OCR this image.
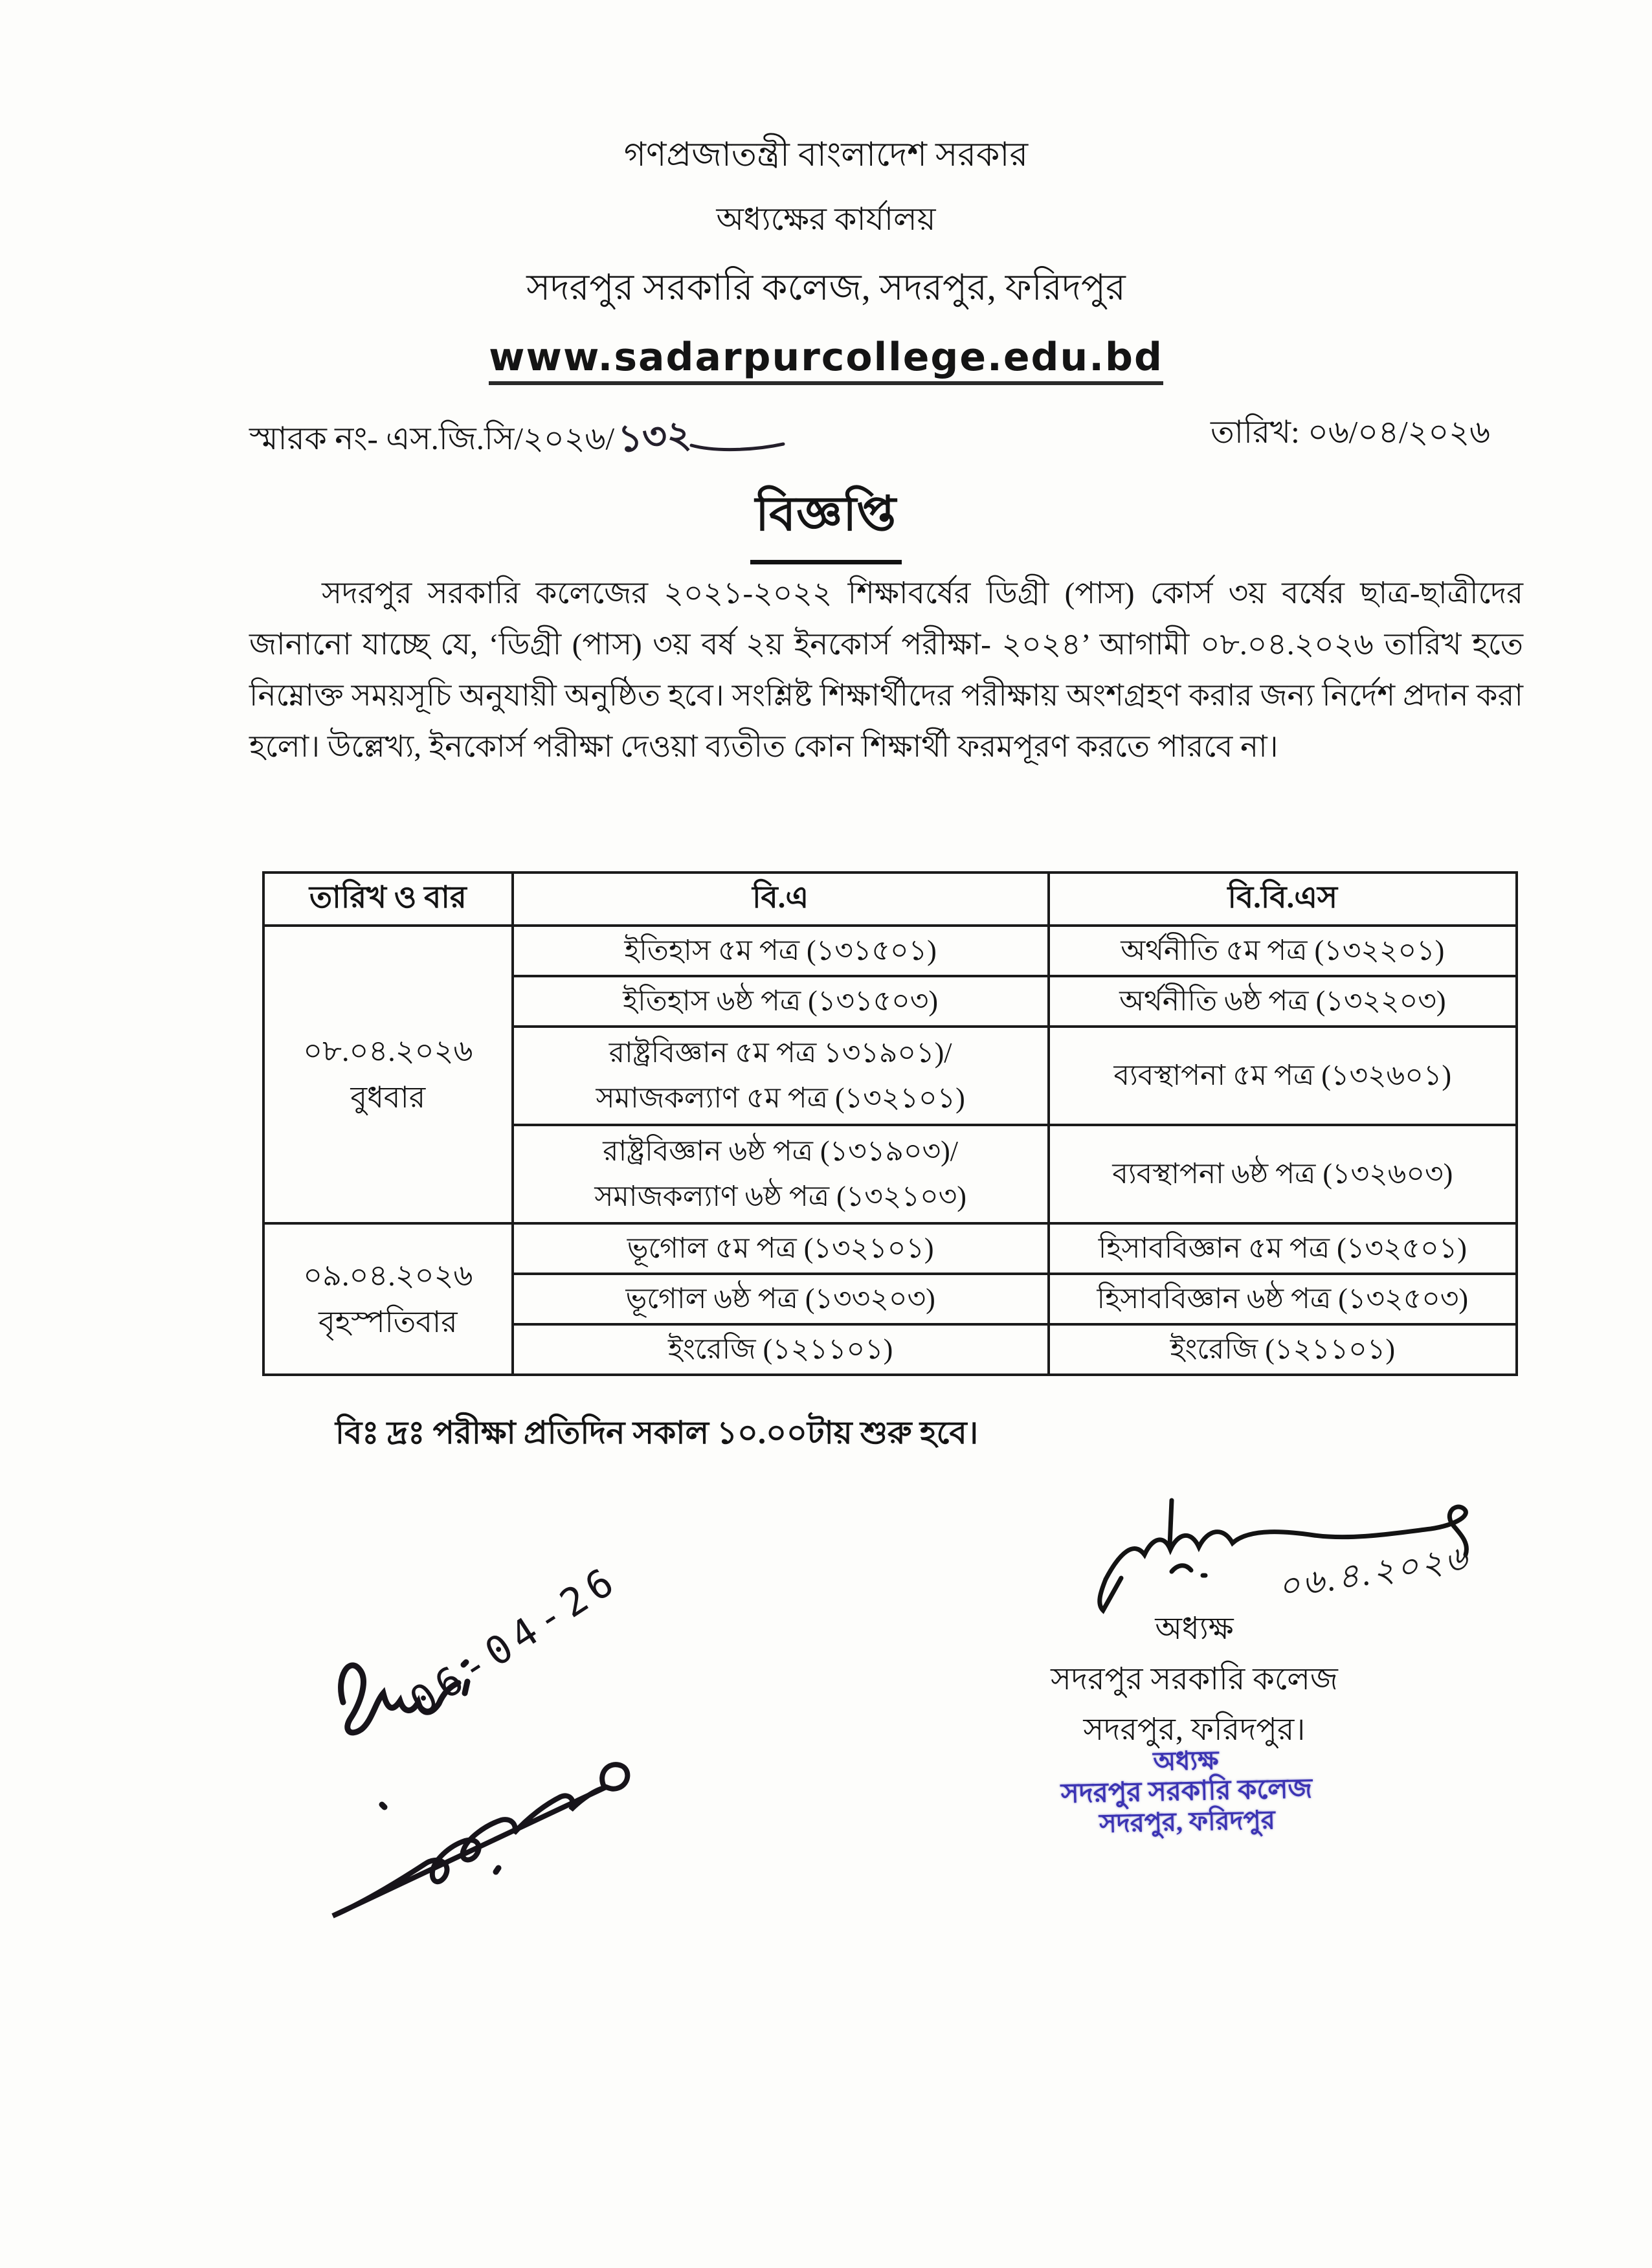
গণপ্রজাতন্ত্রী বাংলাদেশ সরকার
অধ্যক্ষের কার্যালয়
সদরপুর সরকারি কলেজ, সদরপুর, ফরিদপুর
www.sadarpurcollege.edu.bd
স্মারক নং- এস.জি.সি/২০২৬/১৩২	তারিখ: ০৬/০৪/২০২৬
বিজ্ঞপ্তি
সদরপুর সরকারি কলেজের ২০২১-২০২২ শিক্ষাবর্ষের ডিগ্রী (পাস) কোর্স ৩য় বর্ষের ছাত্র-ছাত্রীদের জানানো যাচ্ছে যে, ‘ডিগ্রী (পাস) ৩য় বর্ষ ২য় ইনকোর্স পরীক্ষা- ২০২৪’ আগামী ০৮.০৪.২০২৬ তারিখ হতে নিম্নোক্ত সময়সূচি অনুযায়ী অনুষ্ঠিত হবে। সংশ্লিষ্ট শিক্ষার্থীদের পরীক্ষায় অংশগ্রহণ করার জন্য নির্দেশ প্রদান করা হলো। উল্লেখ্য, ইনকোর্স পরীক্ষা দেওয়া ব্যতীত কোন শিক্ষার্থী ফরমপূরণ করতে পারবে না।
তারিখ ও বার	বি.এ	বি.বি.এস

০৮.০৪.২০২৬
বুধবার	ইতিহাস ৫ম পত্র (১৩১৫০১)	অর্থনীতি ৫ম পত্র (১৩২২০১)

	ইতিহাস ৬ষ্ঠ পত্র (১৩১৫০৩)	অর্থনীতি ৬ষ্ঠ পত্র (১৩২২০৩)

	রাষ্ট্রবিজ্ঞান ৫ম পত্র ১৩১৯০১)/
সমাজকল্যাণ ৫ম পত্র (১৩২১০১)	ব্যবস্থাপনা ৫ম পত্র (১৩২৬০১)

	রাষ্ট্রবিজ্ঞান ৬ষ্ঠ পত্র (১৩১৯০৩)/
সমাজকল্যাণ ৬ষ্ঠ পত্র (১৩২১০৩)	ব্যবস্থাপনা ৬ষ্ঠ পত্র (১৩২৬০৩)

০৯.০৪.২০২৬
বৃহস্পতিবার	ভূগোল ৫ম পত্র (১৩২১০১)	হিসাববিজ্ঞান ৫ম পত্র (১৩২৫০১)

	ভূগোল ৬ষ্ঠ পত্র (১৩৩২০৩)	হিসাববিজ্ঞান ৬ষ্ঠ পত্র (১৩২৫০৩)

	ইংরেজি (১২১১০১)	ইংরেজি (১২১১০১)
বিঃ দ্রঃ পরীক্ষা প্রতিদিন সকাল ১০.০০টায় শুরু হবে।
০৬.৪.২০২৬
অধ্যক্ষ
সদরপুর সরকারি কলেজ
সদরপুর, ফরিদপুর।
অধ্যক্ষ
সদরপুর সরকারি কলেজ
সদরপুর, ফরিদপুর
06-04-26
